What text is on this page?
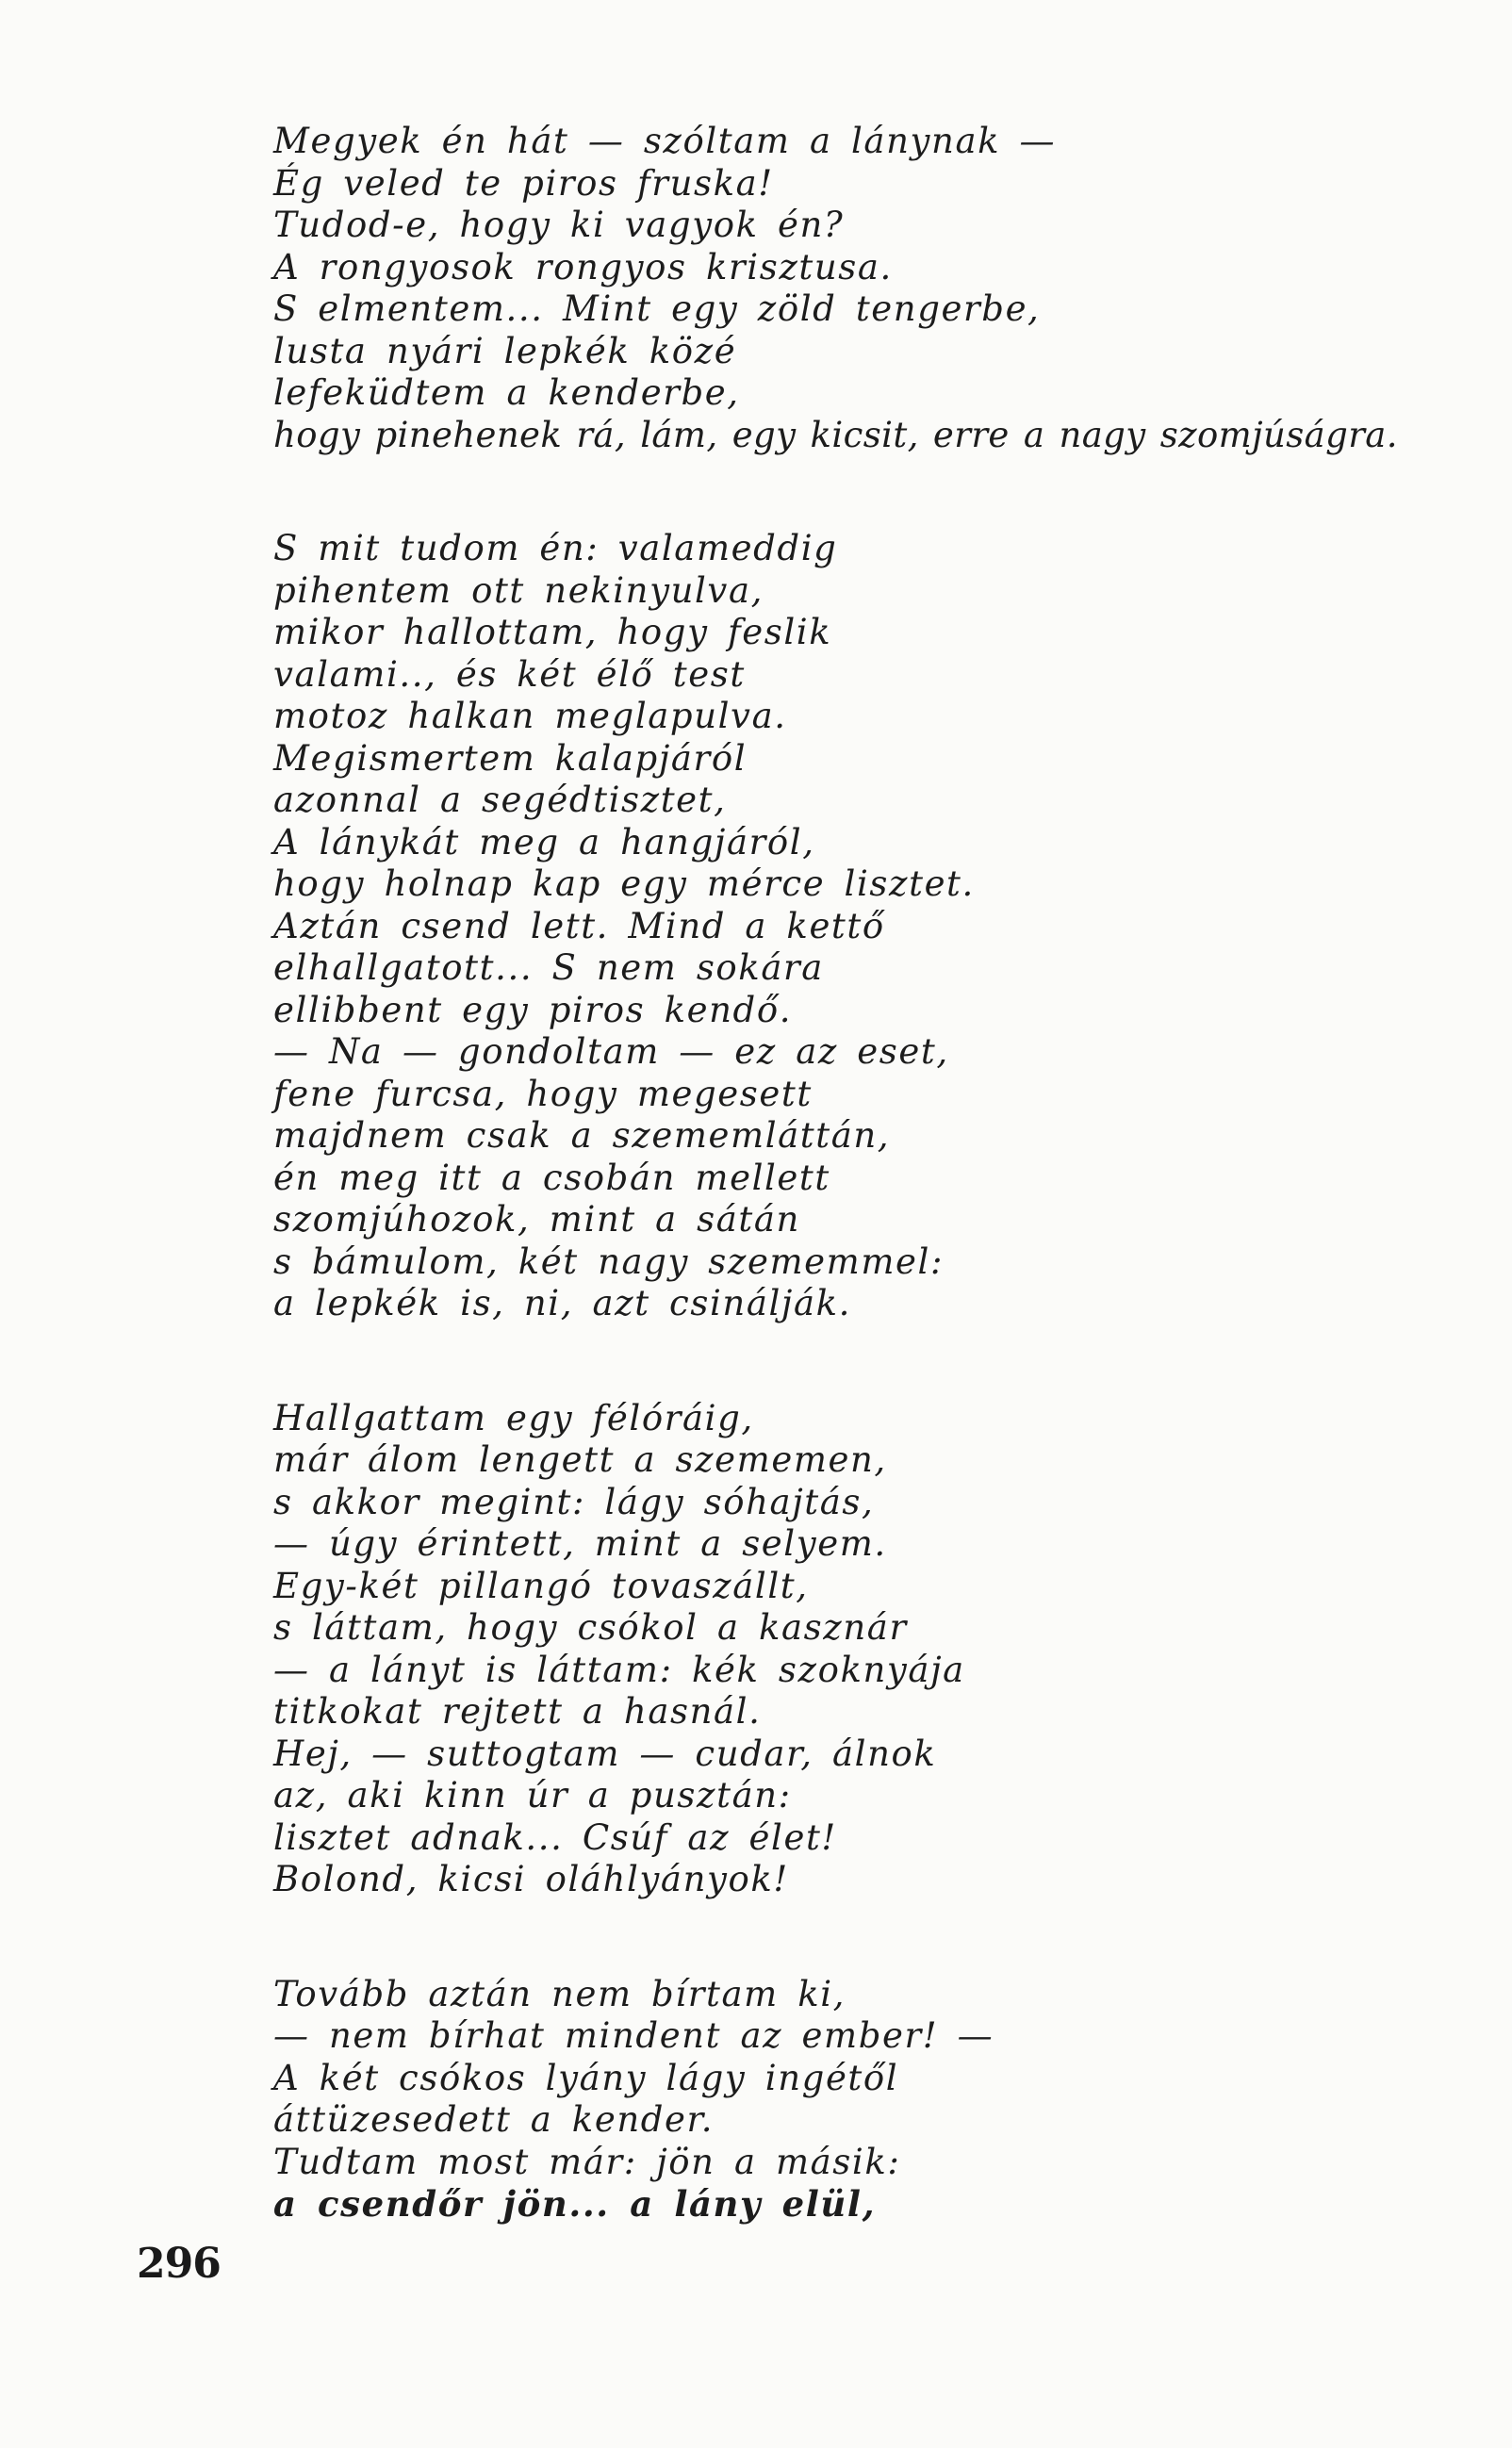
Megyek én hát — szóltam a lánynak —
Ég veled te piros fruska!
Tudod-e, hogy ki vagyok én?
A rongyosok rongyos krisztusa.
S elmentem... Mint egy zöld tengerbe,
lusta nyári lepkék közé
lefeküdtem a kenderbe,
hogy pinehenek rá, lám, egy kicsit, erre a nagy szomjúságra.
S mit tudom én: valameddig
pihentem ott nekinyulva,
mikor hallottam, hogy feslik
valami.., és két élő test
motoz halkan meglapulva.
Megismertem kalapjáról
azonnal a segédtisztet,
A lánykát meg a hangjáról,
hogy holnap kap egy mérce lisztet.
Aztán csend lett. Mind a kettő
elhallgatott... S nem sokára
ellibbent egy piros kendő.
— Na — gondoltam — ez az eset,
fene furcsa, hogy megesett
majdnem csak a szememláttán,
én meg itt a csobán mellett
szomjúhozok, mint a sátán
s bámulom, két nagy szememmel:
a lepkék is, ni, azt csinálják.
Hallgattam egy félóráig,
már álom lengett a szememen,
s akkor megint: lágy sóhajtás,
— úgy érintett, mint a selyem.
Egy-két pillangó tovaszállt,
s láttam, hogy csókol a kasznár
— a lányt is láttam: kék szoknyája
titkokat rejtett a hasnál.
Hej, — suttogtam — cudar, álnok
az, aki kinn úr a pusztán:
lisztet adnak... Csúf az élet!
Bolond, kicsi oláhlyányok!
Tovább aztán nem bírtam ki,
— nem bírhat mindent az ember! —
A két csókos lyány lágy ingétől
áttüzesedett a kender.
Tudtam most már: jön a másik:
a csendőr jön... a lány elül,
296
